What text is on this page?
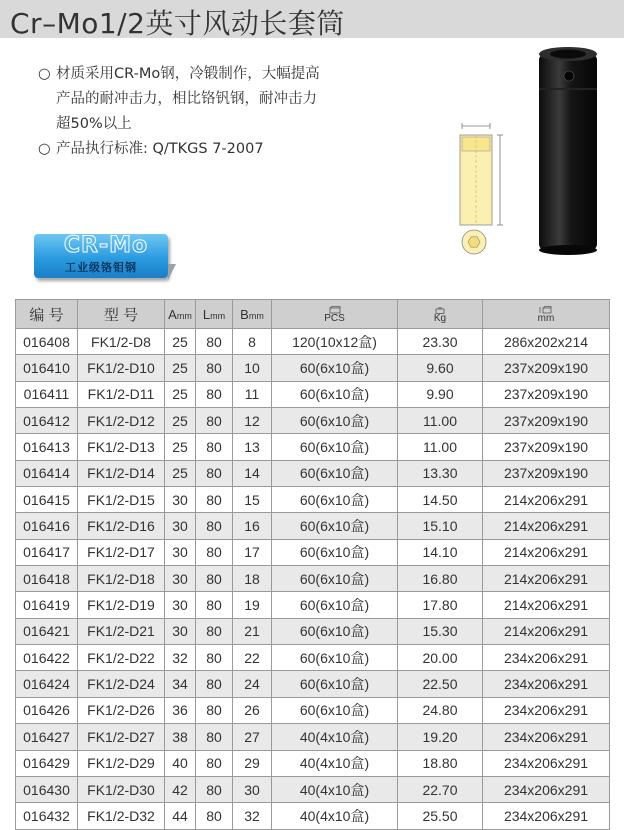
Cr–Mo1/2英寸风动长套筒
○ 材质采用CR-Mo钢，冷锻制作，大幅提高
产品的耐冲击力，相比铬钒钢，耐冲击力
超50%以上
○ 产品执行标准: Q/TKGS 7-2007
CR-Mo
工业级铬钼钢
编 号	型 号	Amm	Lmm	Bmm	PCS	Kg	mm

016408	FK1/2-D8	25	80	8	120(10x12盒)	23.30	286x202x214
016410	FK1/2-D10	25	80	10	60(6x10盒)	9.60	237x209x190
016411	FK1/2-D11	25	80	11	60(6x10盒)	9.90	237x209x190
016412	FK1/2-D12	25	80	12	60(6x10盒)	11.00	237x209x190
016413	FK1/2-D13	25	80	13	60(6x10盒)	11.00	237x209x190
016414	FK1/2-D14	25	80	14	60(6x10盒)	13.30	237x209x190
016415	FK1/2-D15	30	80	15	60(6x10盒)	14.50	214x206x291
016416	FK1/2-D16	30	80	16	60(6x10盒)	15.10	214x206x291
016417	FK1/2-D17	30	80	17	60(6x10盒)	14.10	214x206x291
016418	FK1/2-D18	30	80	18	60(6x10盒)	16.80	214x206x291
016419	FK1/2-D19	30	80	19	60(6x10盒)	17.80	214x206x291
016421	FK1/2-D21	30	80	21	60(6x10盒)	15.30	214x206x291
016422	FK1/2-D22	32	80	22	60(6x10盒)	20.00	234x206x291
016424	FK1/2-D24	34	80	24	60(6x10盒)	22.50	234x206x291
016426	FK1/2-D26	36	80	26	60(6x10盒)	24.80	234x206x291
016427	FK1/2-D27	38	80	27	40(4x10盒)	19.20	234x206x291
016429	FK1/2-D29	40	80	29	40(4x10盒)	18.80	234x206x291
016430	FK1/2-D30	42	80	30	40(4x10盒)	22.70	234x206x291
016432	FK1/2-D32	44	80	32	40(4x10盒)	25.50	234x206x291
